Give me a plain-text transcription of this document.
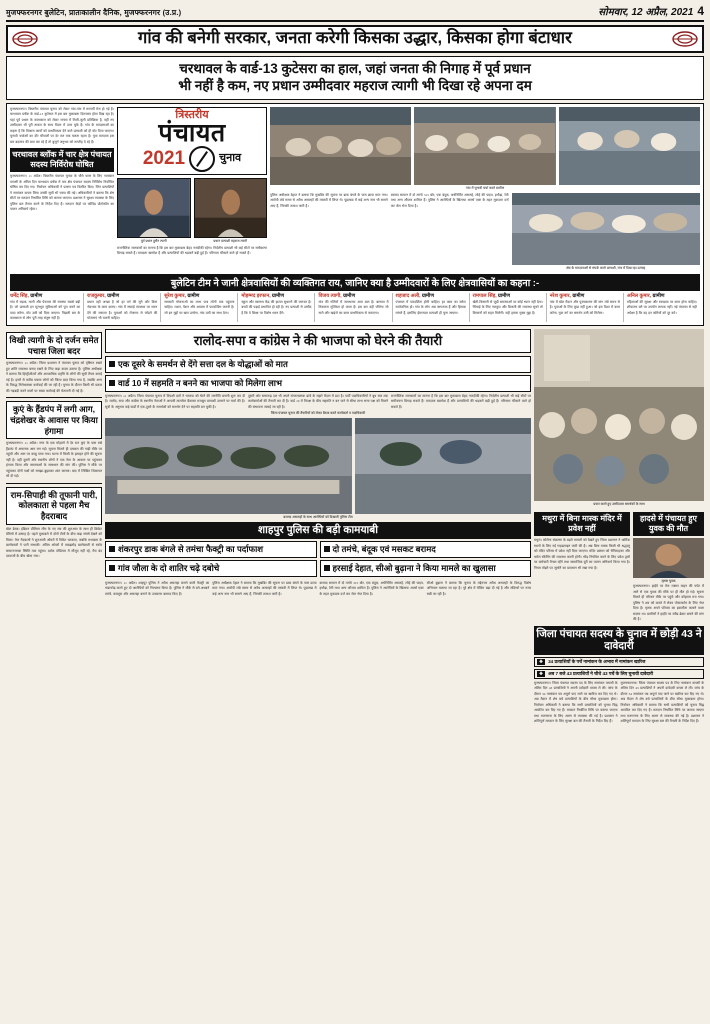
मुजफ्फरनगर बुलेटिन, प्रातःकालीन दैनिक, मुजफ्फरनगर (उ.प्र.)	सोमवार, 12 अप्रैल, 2021 4
गांव की बनेगी सरकार, जनता करेगी किसका उद्धार, किसका होगा बंटाधार

चरथावल के वार्ड-13 कुटेसरा का हाल, जहां जनता की निगाह में पूर्व प्रधान

भी नहीं है कम, नए प्रधान उम्मीदवार महराज त्यागी भी दिखा रहे अपना दम

मुजफ्फरनगर। त्रिस्तरीय पंचायत चुनाव को लेकर गांव-गांव में सरगर्मी तेज हो गई है। चरथावल ब्लॉक के वार्ड-13 कुटेसरा में इस बार मुकाबला दिलचस्प होता दिख रहा है। यहां पूर्व प्रधान के कामकाज को लेकर जनता में मिली-जुली प्रतिक्रिया है, वहीं नए उम्मीदवार भी पूरी ताकत के साथ मैदान में उतर चुके हैं। गांव के मतदाताओं का कहना है कि विकास कार्यों को प्राथमिकता देने वाले प्रत्याशी को ही वोट दिया जाएगा। चुनावी चर्चाओं का दौर चौपालों पर देर रात तक चलता रहता है। युवा मतदाता इस बार बदलाव की बात कर रहे हैं तो बुजुर्ग अनुभव को तरजीह दे रहे हैं।
चरथावल ब्लॉक में चार क्षेत्र पंचायत सदस्य निर्विरोध घोषित
मुजफ्फरनगर। 11 अप्रैल। त्रिस्तरीय पंचायत चुनाव के चौथे चरण के लिए नामांकन वापसी के अंतिम दिन चरथावल ब्लॉक में चार क्षेत्र पंचायत सदस्य निर्विरोध निर्वाचित घोषित कर दिए गए। निर्वाचन अधिकारी ने प्रमाण पत्र वितरित किए। जिन प्रत्याशियों ने नामांकन वापस लिया उनकी सूची भी चस्पा की गई। अधिकारियों ने बताया कि शेष सीटों पर मतदान निर्धारित तिथि को कराया जाएगा। प्रशासन ने सुरक्षा व्यवस्था के लिए पुलिस बल तैनात करने के निर्देश दिए हैं। मतदान केंद्रों पर कोविड प्रोटोकॉल का पालन अनिवार्य रहेगा।
त्रिस्तरीय
पंचायत
2021	चुनाव
पूर्व प्रधान हुसैन त्यागी	प्रधान प्रत्याशी महराज त्यागी
राजनीतिक जानकारों का मानना है कि इस बार मुकाबला बेहद नजदीकी रहेगा। निर्दलीय प्रत्याशी भी कई सीटों पर समीकरण बिगाड़ सकते हैं। मतदाता खामोश हैं और प्रत्याशियों की धड़कनें बढ़ी हुई हैं। परिणाम चौंकाने वाले हो सकते हैं।
गांव में चुनावी चर्चा करते ग्रामीण
पुलिस अधीक्षक देहात ने बताया कि मुखबिर की सूचना पर डाक बंगले के पास छापा मारा गया। आरोपी लंबे समय से अवैध असलहों की तस्करी में लिप्त थे। पूछताछ में कई अन्य नाम भी सामने आए हैं, जिनकी तलाश जारी है।
बरामद सामान में दो तमंचे 315 बोर, एक बंदूक, अर्धनिर्मित असलहे, लोहे की पाइप, हथौड़ा, रेती तथा अन्य औजार शामिल हैं। पुलिस ने आरोपियों के खिलाफ आर्म्स एक्ट के तहत मुकदमा दर्ज कर जेल भेज दिया है।
क्षेत्र के मतदाताओं से संपर्क करते प्रत्याशी, गांव में दिख रहा उत्साह
बुलेटिन टीम ने जानी क्षेत्रवासियों की व्यक्तिगत राय, जानिए क्या है उम्मीदवारों के लिए क्षेत्रवासियों का कहना :-
धर्मेंद्र सिंह, ग्रामीण
गांव में सड़क, नाली और पेयजल की समस्या सबसे बड़ी है। जो प्रत्याशी इन मूलभूत सुविधाओं को पूरा करने का वादा करेगा, वोट उसी को दिया जाएगा। पिछली बार के कामकाज से लोग पूरी तरह संतुष्ट नहीं हैं।
राजकुमार, ग्रामीण
प्रधान वही अच्छा है जो हर वर्ग की सुने और बिना भेदभाव के काम कराए। गांव में सफाई व्यवस्था पर ध्यान देने की जरूरत है। युवाओं को रोजगार से जोड़ने की योजनाएं भी चलनी चाहिए।
सुरेश कुमार, ग्रामीण
सरकारी योजनाओं का लाभ पात्र लोगों तक पहुंचना चाहिए। राशन, पेंशन और आवास में पारदर्शिता जरूरी है। जो इन मुद्दों पर खरा उतरेगा, गांव उसी का साथ देगा।
मोहम्मद इरफान, ग्रामीण
स्कूल और स्वास्थ्य केंद्र की हालत सुधारने की जरूरत है। बच्चों की पढ़ाई प्रभावित हो रही है। नए प्रत्याशी से उम्मीद है कि वे शिक्षा पर विशेष ध्यान देंगे।
विजय त्यागी, ग्रामीण
गांव की गलियों में जलभराव आम बात है। बरसात में निकलना मुश्किल हो जाता है। इस बार वही जीतेगा जो नाले और खड़ंजे का काम प्राथमिकता से कराएगा।
शहजाद अली, ग्रामीण
पंचायत में पारदर्शिता होनी चाहिए। हर काम का ब्योरा सार्वजनिक हो। गांव के लोग अब जागरूक हैं और हिसाब मांगते हैं, इसलिए ईमानदार प्रत्याशी ही चुना जाएगा।
रामपाल सिंह, ग्रामीण
खेती-किसानी से जुड़ी समस्याओं पर कोई ध्यान नहीं देता। सिंचाई के लिए नलकूप और बिजली की व्यवस्था सुधरे तो किसानों को राहत मिलेगी। यही हमारा मुख्य मुद्दा है।
नरेश कुमार, ग्रामीण
गांव में खेल मैदान और पुस्तकालय की मांग लंबे समय से है। युवाओं के लिए कुछ नहीं हुआ। जो इस दिशा में काम करेगा, युवा वर्ग का समर्थन उसी को मिलेगा।
अनिल कुमार, ग्रामीण
महिलाओं की सुरक्षा और स्वच्छता पर काम होना चाहिए। शौचालय बने पर उपयोग लायक नहीं। नई पंचायत से यही अपेक्षा है कि वह इन कमियों को दूर करे।
विखी त्यागी के दो दर्जन समेत पचास जिला बदर
मुजफ्फरनगर। 11 अप्रैल। जिला प्रशासन ने पंचायत चुनाव को दृष्टिगत रखते हुए शांति व्यवस्था बनाए रखने के लिए कड़ा कदम उठाया है। पुलिस अधीक्षक ने बताया कि हिस्ट्रीशीटरों और आपराधिक प्रवृत्ति के लोगों की सूची तैयार कराई गई है। इनमें से करीब पचास लोगों को जिला बदर किया गया है, जबकि अन्य के विरुद्ध निरोधात्मक कार्रवाई की जा रही है। चुनाव के दौरान किसी भी प्रकार की गड़बड़ी करने वालों पर सख्त कार्रवाई की चेतावनी दी गई है।
कुएं के हैंडपंप में लगी आग, चंद्रशेखर के आवास पर किया हंगामा
मुजफ्फरनगर। 11 अप्रैल। नगर के एक मोहल्ले में देर रात कुएं के पास रखे हैंडपंप में अचानक आग लग गई। सूचना मिलते ही दमकल की गाड़ी मौके पर पहुंची और आग पर काबू पाया गया। घटना में किसी के हताहत होने की सूचना नहीं है। वहीं दूसरी ओर स्थानीय लोगों ने एक नेता के आवास पर पहुंचकर हंगामा किया और समस्याओं के समाधान की मांग की। पुलिस ने मौके पर पहुंचकर दोनों पक्षों को समझा-बुझाकर शांत कराया। बाद में लिखित शिकायत भी दी गई।
राम-सिपाही की तूफानी पारी, कोलकाता से पहला मैच हैदराबाद
खेल डेस्क। इंडियन प्रीमियर लीग के नए सत्र की शुरुआत के साथ ही क्रिकेट प्रेमियों में उत्साह है। पहले मुकाबले में दोनों टीमों के बीच कड़ा संघर्ष देखने को मिला। तेज गेंदबाजों ने शुरुआती ओवरों में विकेट चटकाए, जबकि मध्यक्रम के बल्लेबाजों ने पारी संभाली। अंतिम ओवरों में ताबड़तोड़ बल्लेबाजी से स्कोर सम्मानजनक स्थिति तक पहुंचा। दर्शक स्टेडियम में मौजूद नहीं रहे, मैच बंद दरवाजों के बीच खेला गया।
रालोद-सपा व कांग्रेस ने की भाजपा को घेरने की तैयारी
एक दूसरे के समर्थन से देंगे सत्ता दल के योद्धाओं को मात
वार्ड 10 में सहमति न बनने का भाजपा को मिलेगा लाभ
मुजफ्फरनगर। 11 अप्रैल। जिला पंचायत चुनाव में विपक्षी दलों ने भाजपा को घेरने की रणनीति बनानी शुरू कर दी है। रालोद, सपा और कांग्रेस के स्थानीय नेताओं ने आपसी तालमेल बैठाकर मजबूत प्रत्याशी उतारने पर चर्चा की है। सूत्रों के अनुसार कई वार्डों में एक-दूसरे के समर्थकों को समर्थन देने पर सहमति बन चुकी है।
दूसरी ओर सत्तारूढ़ दल भी अपने संगठनात्मक ढांचे के सहारे मैदान में डटा है। पार्टी पदाधिकारियों ने बूथ स्तर तक कार्यकर्ताओं की तैनाती कर दी है। वार्ड 10 में विपक्ष के बीच सहमति न बन पाने से सीधा लाभ सत्ता पक्ष को मिलने की संभावना जताई जा रही है।
राजनीतिक जानकारों का मानना है कि इस बार मुकाबला बेहद नजदीकी रहेगा। निर्दलीय प्रत्याशी भी कई सीटों पर समीकरण बिगाड़ सकते हैं। मतदाता खामोश हैं और प्रत्याशियों की धड़कनें बढ़ी हुई हैं। परिणाम चौंकाने वाले हो सकते हैं।
जिला पंचायत चुनाव की तैयारियों को लेकर बैठक करते कार्यकर्ता व पदाधिकारी
बरामद असलहों के साथ आरोपियों को दिखाती पुलिस टीम
शाहपुर पुलिस की बड़ी कामयाबी
शंकरपुर डाक बंगले से तमंचा फैक्ट्री का पर्दाफाश	दो तमंचे, बंदूक एवं मसकट बरामद
गांव जौला के दो शातिर चढ़े दबोचे	हरसाई देहात, सीओ बुढ़ाना ने किया मामले का खुलासा
मुजफ्फरनगर। 11 अप्रैल। शाहपुर पुलिस ने अवैध असलहा बनाने वाली फैक्ट्री का भंडाफोड़ करते हुए दो आरोपियों को गिरफ्तार किया है। पुलिस ने मौके से बने-अधबने तमंचे, कारतूस और असलहा बनाने के उपकरण बरामद किए हैं।
पुलिस अधीक्षक देहात ने बताया कि मुखबिर की सूचना पर डाक बंगले के पास छापा मारा गया। आरोपी लंबे समय से अवैध असलहों की तस्करी में लिप्त थे। पूछताछ में कई अन्य नाम भी सामने आए हैं, जिनकी तलाश जारी है।
बरामद सामान में दो तमंचे 315 बोर, एक बंदूक, अर्धनिर्मित असलहे, लोहे की पाइप, हथौड़ा, रेती तथा अन्य औजार शामिल हैं। पुलिस ने आरोपियों के खिलाफ आर्म्स एक्ट के तहत मुकदमा दर्ज कर जेल भेज दिया है।
सीओ बुढ़ाना ने बताया कि चुनाव के मद्देनजर अवैध असलहों के विरुद्ध विशेष अभियान चलाया जा रहा है। पूरे क्षेत्र में चेकिंग बढ़ा दी गई है और संदिग्धों पर नजर रखी जा रही है।
प्रचार करते हुए उम्मीदवार समर्थकों के साथ
मथुरा में बिना मास्क मंदिर में प्रवेश नहीं
मथुरा। कोरोना संक्रमण के बढ़ते मामलों को देखते हुए जिला प्रशासन ने धार्मिक स्थलों के लिए नई गाइडलाइन जारी की है। अब बिना मास्क किसी भी श्रद्धालु को मंदिर परिसर में प्रवेश नहीं दिया जाएगा। मंदिर प्रबंधन को सैनिटाइजर और थर्मल स्कैनिंग की व्यवस्था करनी होगी। भीड़ नियंत्रित करने के लिए प्रवेश द्वारों पर कर्मचारी तैनात रहेंगे तथा सामाजिक दूरी का पालन अनिवार्य किया गया है। नियम तोड़ने पर जुर्माने का प्रावधान भी रखा गया है।
हादसे में पंचायत हुए युवक की मौत
मृतक युवक
मुजफ्फरनगर। हाईवे पर तेज रफ्तार वाहन की चपेट में आने से एक युवक की मौके पर ही मौत हो गई। सूचना मिलते ही परिजन मौके पर पहुंचे और कोहराम मच गया। पुलिस ने शव को कब्जे में लेकर पोस्टमार्टम के लिए भेज दिया है। मृतक अपने परिवार का इकलौता कमाने वाला सदस्य था। ग्रामीणों ने हाईवे पर स्पीड ब्रेकर बनाने की मांग की है।
जिला पंचायत सदस्य के चुनाव में छोड़ी 43 ने दावेदारी
❖	34 प्रत्याशियों के पर्चे नामांकन के अभाव में नामांकन खारिज
❖	अब 7 बजे 43 प्रत्याशियों ने चौथे 43 पर्चे के लिए चुनावी दावेदारी
मुजफ्फरनगर। जिला पंचायत सदस्य पद के लिए नामांकन वापसी के अंतिम दिन 43 प्रत्याशियों ने अपनी दावेदारी वापस ले ली। जांच के दौरान 34 नामांकन पत्र अपूर्ण पाए जाने पर खारिज कर दिए गए थे। अब मैदान में शेष बचे प्रत्याशियों के बीच सीधा मुकाबला होगा। निर्वाचन अधिकारी ने बताया कि सभी प्रत्याशियों को चुनाव चिह्न आवंटित कर दिए गए हैं। मतदान निर्धारित तिथि पर कराया जाएगा तथा मतगणना के लिए अलग से व्यवस्था की गई है। प्रशासन ने शांतिपूर्ण मतदान के लिए सुरक्षा बल की तैनाती के निर्देश दिए हैं।
मुजफ्फरनगर। जिला पंचायत सदस्य पद के लिए नामांकन वापसी के अंतिम दिन 43 प्रत्याशियों ने अपनी दावेदारी वापस ले ली। जांच के दौरान 34 नामांकन पत्र अपूर्ण पाए जाने पर खारिज कर दिए गए थे। अब मैदान में शेष बचे प्रत्याशियों के बीच सीधा मुकाबला होगा। निर्वाचन अधिकारी ने बताया कि सभी प्रत्याशियों को चुनाव चिह्न आवंटित कर दिए गए हैं। मतदान निर्धारित तिथि पर कराया जाएगा तथा मतगणना के लिए अलग से व्यवस्था की गई है। प्रशासन ने शांतिपूर्ण मतदान के लिए सुरक्षा बल की तैनाती के निर्देश दिए हैं।
